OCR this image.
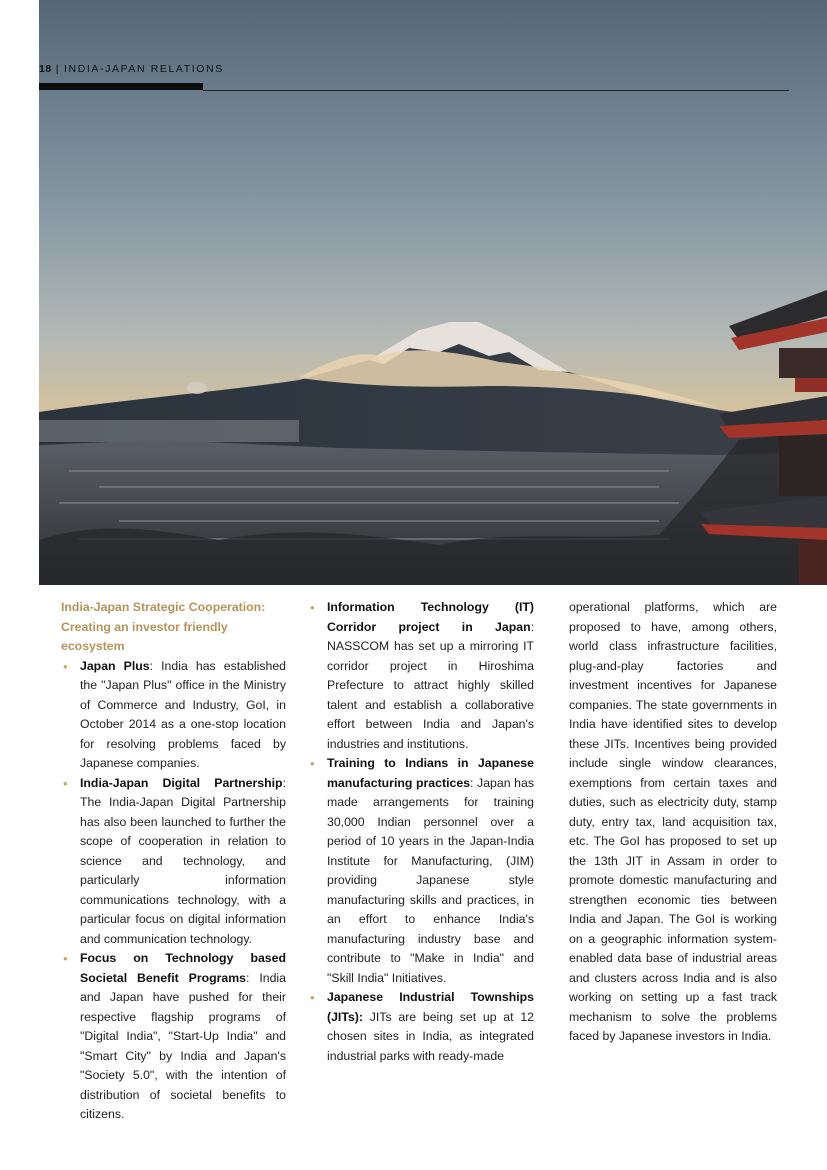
18 | INDIA-JAPAN RELATIONS
India-Japan Strategic Cooperation:
Creating an investor friendly ecosystem
• Japan Plus: India has established the "Japan Plus" office in the Ministry of Commerce and Industry, GoI, in October 2014 as a one-stop location for resolving problems faced by Japanese companies.
• India-Japan Digital Partnership: The India-Japan Digital Partnership has also been launched to further the scope of cooperation in relation to science and technology, and particularly information communications technology, with a particular focus on digital information and communication technology.
• Focus on Technology based Societal Benefit Programs: India and Japan have pushed for their respective flagship programs of "Digital India", "Start-Up India" and "Smart City" by India and Japan's "Society 5.0", with the intention of distribution of societal benefits to citizens.
• Information Technology (IT) Corridor project in Japan: NASSCOM has set up a mirroring IT corridor project in Hiroshima Prefecture to attract highly skilled talent and establish a collaborative effort between India and Japan's industries and institutions.
• Training to Indians in Japanese manufacturing practices: Japan has made arrangements for training 30,000 Indian personnel over a period of 10 years in the Japan-India Institute for Manufacturing, (JIM) providing Japanese style manufacturing skills and practices, in an effort to enhance India's manufacturing industry base and contribute to "Make in India" and "Skill India" Initiatives.
• Japanese Industrial Townships (JITs): JITs are being set up at 12 chosen sites in India, as integrated industrial parks with ready-made

operational platforms, which are proposed to have, among others, world class infrastructure facilities, plug-and-play factories and investment incentives for Japanese companies. The state governments in India have identified sites to develop these JITs. Incentives being provided include single window clearances, exemptions from certain taxes and duties, such as electricity duty, stamp duty, entry tax, land acquisition tax, etc. The GoI has proposed to set up the 13th JIT in Assam in order to promote domestic manufacturing and strengthen economic ties between India and Japan. The GoI is working on a geographic information system-enabled data base of industrial areas and clusters across India and is also working on setting up a fast track mechanism to solve the problems faced by Japanese investors in India.
